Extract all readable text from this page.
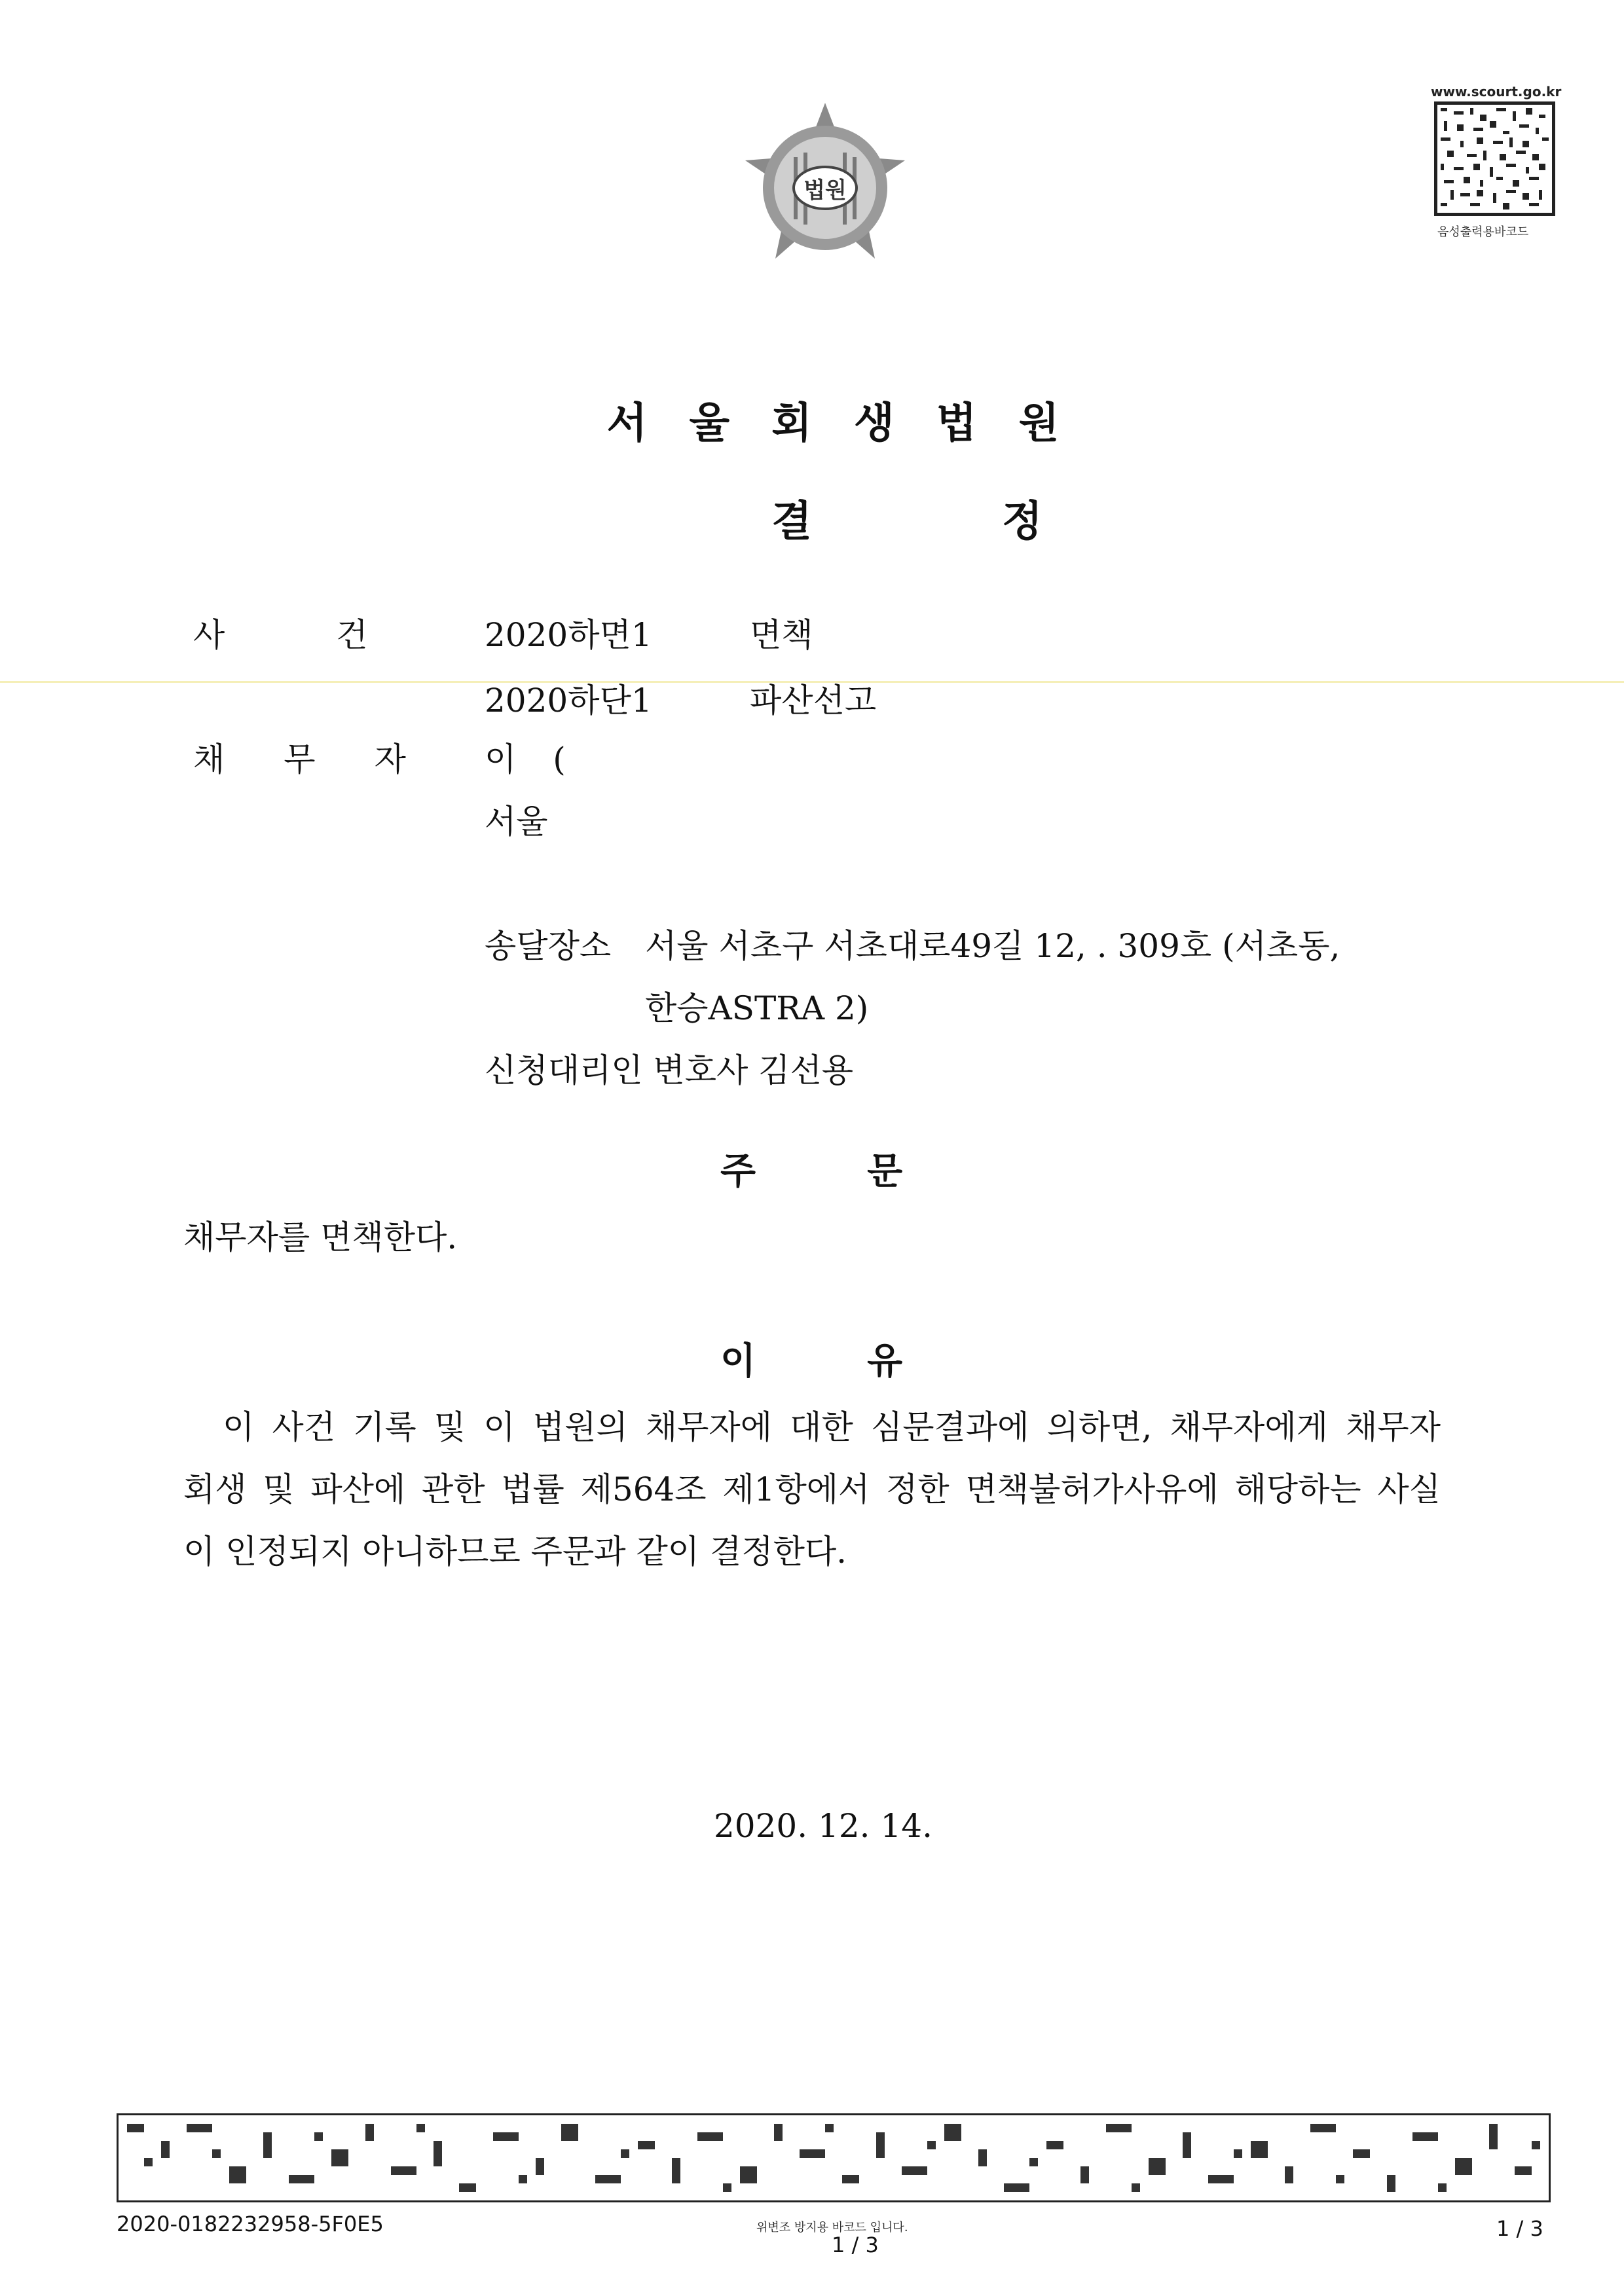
법원
www.scourt.go.kr
음성출력용바코드
서울회생법원
결정
사건 2020하면1	면책
2020하단1	파산선고
채무자 이 (
서울
송달장소 서울 서초구 서초대로49길 12, . 309호 (서초동,
한승ASTRA 2)
신청대리인 변호사 김선용
주문
채무자를 면책한다.
이유
이 사건 기록 및 이 법원의 채무자에 대한 심문결과에 의하면, 채무자에게 채무자
회생 및 파산에 관한 법률 제564조 제1항에서 정한 면책불허가사유에 해당하는 사실
이 인정되지 아니하므로 주문과 같이 결정한다.
2020. 12. 14.
2020-0182232958-5F0E5	위변조 방지용 바코드 입니다.
1 / 3
1 / 3
